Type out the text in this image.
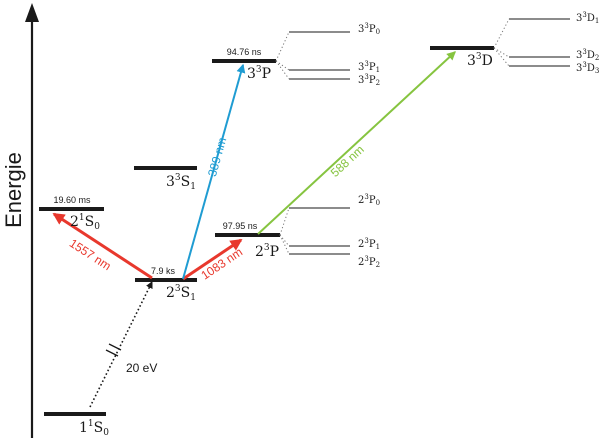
Energie
20 eV
1557 nm	1083 nm
389 nm	588 nm
19.60 ms
7.9 ks
97.95 ns
94.76 ns
$1^1S_0$
$2^1S_0$
$2^3S_1$
$3^3S_1$
$2^3P$
$3^3P$
$3^3D$
$3^3P_0$
$3^3P_1$
$3^3P_2$
$3^3D_1$
$3^3D_2$
$3^3D_3$
$2^3P_0$
$2^3P_1$
$2^3P_2$
